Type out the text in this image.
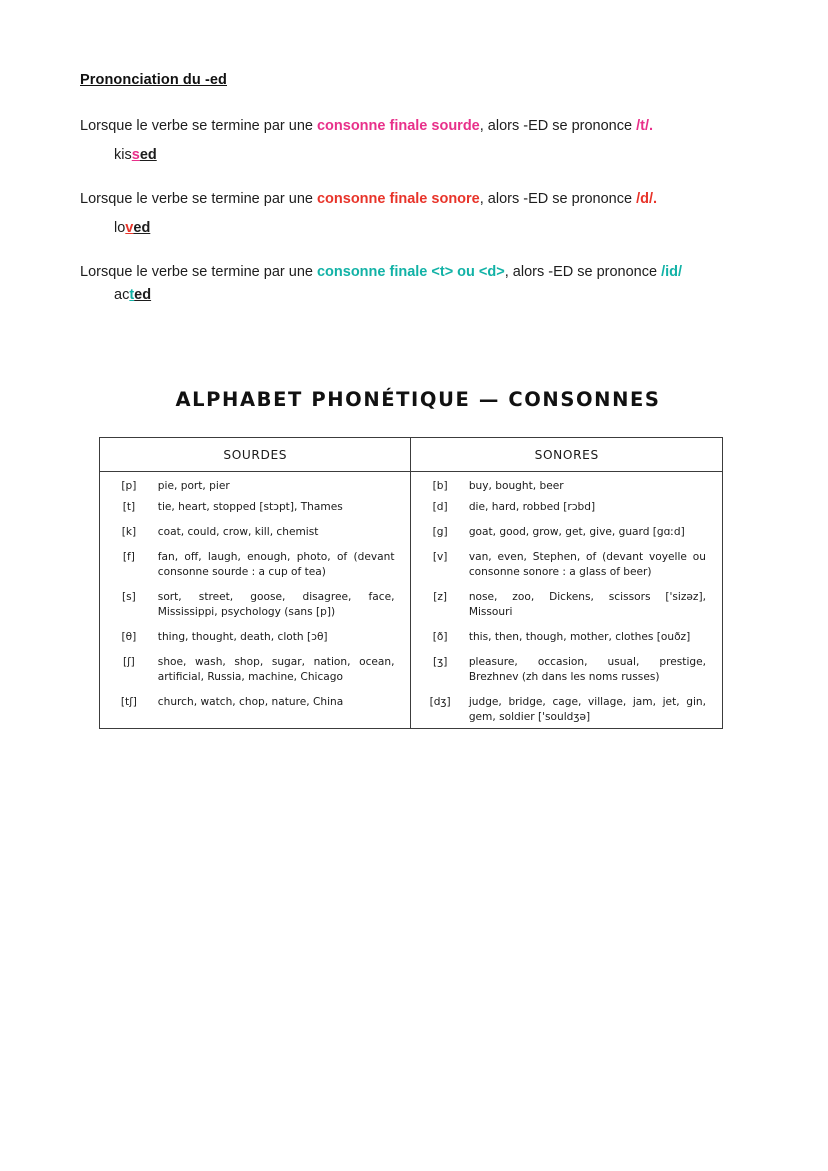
Prononciation du -ed

Lorsque le verbe se termine par une consonne finale sourde, alors -ED se prononce /t/.

kissed

Lorsque le verbe se termine par une consonne finale sonore, alors -ED se prononce /d/.

loved

Lorsque le verbe se termine par une consonne finale <t> ou <d>, alors -ED se prononce /id/

acted

ALPHABET PHONÉTIQUE — CONSONNES
SOURDES		SONORES	
[p]	pie, port, pier	[b]	buy, bought, beer
[t]	tie, heart, stopped [stɔpt], Thames	[d]	die, hard, robbed [rɔbd]
[k]	coat, could, crow, kill, chemist	[g]	goat, good, grow, get, give, guard [gɑːd]
[f]	fan, off, laugh, enough, photo, of (devant consonne sourde : a cup of tea)	[v]	van, even, Stephen, of (devant voyelle ou consonne sonore : a glass of beer)
[s]	sort, street, goose, disagree, face, Mississippi, psychology (sans [p])	[z]	nose, zoo, Dickens, scissors ['sizəz], Missouri
[θ]	thing, thought, death, cloth [ɔθ]	[ð]	this, then, though, mother, clothes [ouðz]
[ʃ]	shoe, wash, shop, sugar, nation, ocean, artificial, Russia, machine, Chicago	[ʒ]	pleasure, occasion, usual, prestige, Brezhnev (zh dans les noms russes)
[tʃ]	church, watch, chop, nature, China	[dʒ]	judge, bridge, cage, village, jam, jet, gin, gem, soldier ['souldʒə]
